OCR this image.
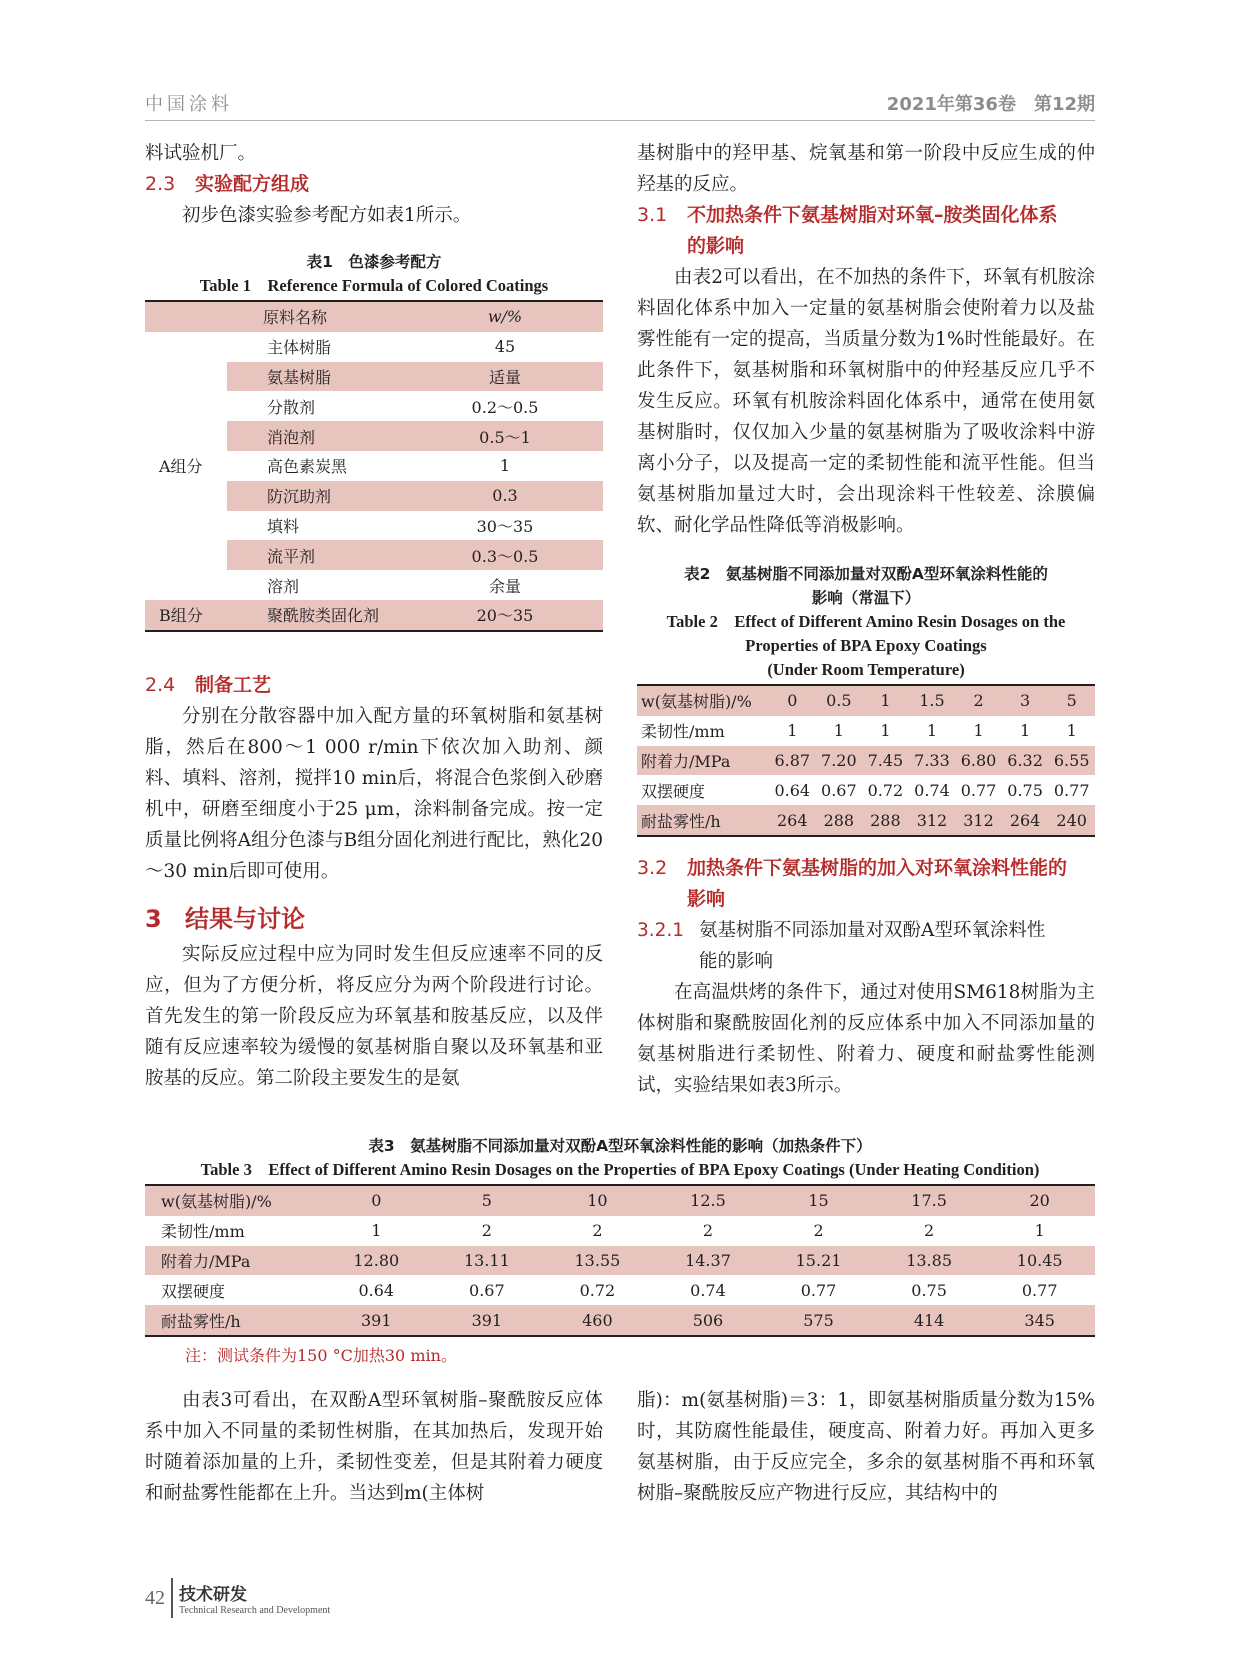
中国涂料	2021年第36卷　第12期

料试验机厂。

2.3 实验配方组成

初步色漆实验参考配方如表1所示。

表1　色漆参考配方

Table 1　Reference Formula of Colored Coatings

	原料名称	w/%
A组分	主体树脂	45
	氨基树脂	适量
	分散剂	0.2～0.5
	消泡剂	0.5～1
	高色素炭黑	1
	防沉助剂	0.3
	填料	30～35
	流平剂	0.3～0.5
	溶剂	余量
B组分	聚酰胺类固化剂	20～35

2.4 制备工艺

分别在分散容器中加入配方量的环氧树脂和氨基树脂，然后在800～1 000 r/min下依次加入助剂、颜料、填料、溶剂，搅拌10 min后，将混合色浆倒入砂磨机中，研磨至细度小于25 μm，涂料制备完成。按一定质量比例将A组分色漆与B组分固化剂进行配比，熟化20～30 min后即可使用。

3 结果与讨论

实际反应过程中应为同时发生但反应速率不同的反应，但为了方便分析，将反应分为两个阶段进行讨论。首先发生的第一阶段反应为环氧基和胺基反应，以及伴随有反应速率较为缓慢的氨基树脂自聚以及环氧基和亚胺基的反应。第二阶段主要发生的是氨

基树脂中的羟甲基、烷氧基和第一阶段中反应生成的仲羟基的反应。

3.1 不加热条件下氨基树脂对环氧–胺类固化体系

的影响

由表2可以看出，在不加热的条件下，环氧有机胺涂料固化体系中加入一定量的氨基树脂会使附着力以及盐雾性能有一定的提高，当质量分数为1%时性能最好。在此条件下，氨基树脂和环氧树脂中的仲羟基反应几乎不发生反应。环氧有机胺涂料固化体系中，通常在使用氨基树脂时，仅仅加入少量的氨基树脂为了吸收涂料中游离小分子，以及提高一定的柔韧性能和流平性能。但当氨基树脂加量过大时，会出现涂料干性较差、涂膜偏软、耐化学品性降低等消极影响。

表2　氨基树脂不同添加量对双酚A型环氧涂料性能的

影响（常温下）

Table 2　Effect of Different Amino Resin Dosages on the

Properties of BPA Epoxy Coatings

(Under Room Temperature)

w(氨基树脂)/%	0	0.5	1	1.5	2	3	5
柔韧性/mm	1	1	1	1	1	1	1
附着力/MPa	6.87	7.20	7.45	7.33	6.80	6.32	6.55
双摆硬度	0.64	0.67	0.72	0.74	0.77	0.75	0.77
耐盐雾性/h	264	288	288	312	312	264	240

3.2 加热条件下氨基树脂的加入对环氧涂料性能的

影响

3.2.1 氨基树脂不同添加量对双酚A型环氧涂料性

能的影响

在高温烘烤的条件下，通过对使用SM618树脂为主体树脂和聚酰胺固化剂的反应体系中加入不同添加量的氨基树脂进行柔韧性、附着力、硬度和耐盐雾性能测试，实验结果如表3所示。

表3　氨基树脂不同添加量对双酚A型环氧涂料性能的影响（加热条件下）

Table 3　Effect of Different Amino Resin Dosages on the Properties of BPA Epoxy Coatings (Under Heating Condition)

w(氨基树脂)/%	0	5	10	12.5	15	17.5	20
柔韧性/mm	1	2	2	2	2	2	1
附着力/MPa	12.80	13.11	13.55	14.37	15.21	13.85	10.45
双摆硬度	0.64	0.67	0.72	0.74	0.77	0.75	0.77
耐盐雾性/h	391	391	460	506	575	414	345
注：测试条件为150 °C加热30 min。

由表3可看出，在双酚A型环氧树脂–聚酰胺反应体系中加入不同量的柔韧性树脂，在其加热后，发现开始时随着添加量的上升，柔韧性变差，但是其附着力硬度和耐盐雾性能都在上升。当达到m(主体树

脂)：m(氨基树脂)＝3：1，即氨基树脂质量分数为15%时，其防腐性能最佳，硬度高、附着力好。再加入更多氨基树脂，由于反应完全，多余的氨基树脂不再和环氧树脂–聚酰胺反应产物进行反应，其结构中的

42 技术研发
Technical Research and Development
